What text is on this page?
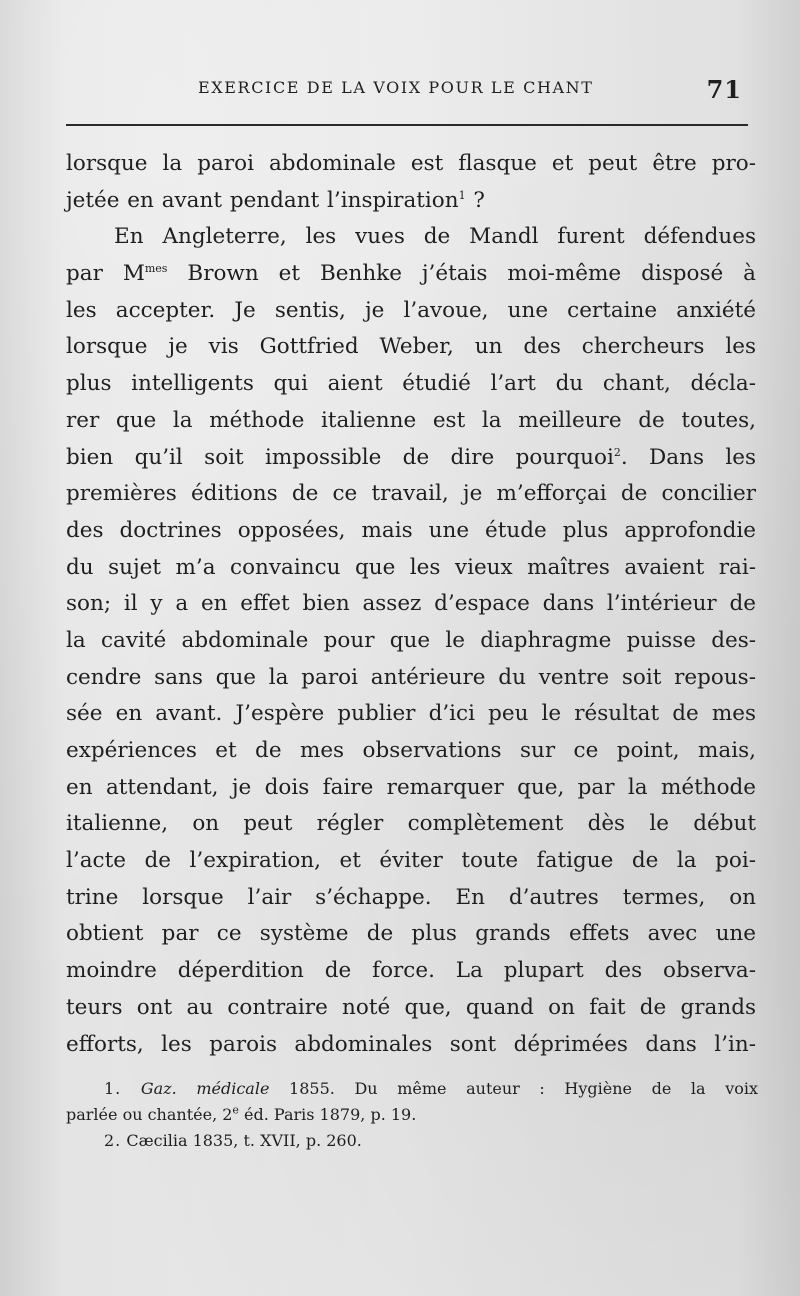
EXERCICE DE LA VOIX POUR LE CHANT	71
lorsque la paroi abdominale est flasque et peut être pro-
jetée en avant pendant l’inspiration$^1$ ?
En Angleterre, les vues de Mandl furent défendues
par $M^{mes}$ Brown et Benhke j’étais moi-même disposé à
les accepter. Je sentis, je l’avoue, une certaine anxiété
lorsque je vis Gottfried Weber, un des chercheurs les
plus intelligents qui aient étudié l’art du chant, décla-
rer que la méthode italienne est la meilleure de toutes,
bien qu’il soit impossible de dire pourquoi$^2$. Dans les
premières éditions de ce travail, je m’efforçai de concilier
des doctrines opposées, mais une étude plus approfondie
du sujet m’a convaincu que les vieux maîtres avaient rai-
son; il y a en effet bien assez d’espace dans l’intérieur de
la cavité abdominale pour que le diaphragme puisse des-
cendre sans que la paroi antérieure du ventre soit repous-
sée en avant. J’espère publier d’ici peu le résultat de mes
expériences et de mes observations sur ce point, mais,
en attendant, je dois faire remarquer que, par la méthode
italienne, on peut régler complètement dès le début
l’acte de l’expiration, et éviter toute fatigue de la poi-
trine lorsque l’air s’échappe. En d’autres termes, on
obtient par ce système de plus grands effets avec une
moindre déperdition de force. La plupart des observa-
teurs ont au contraire noté que, quand on fait de grands
efforts, les parois abdominales sont déprimées dans l’in-
1. Gaz. médicale 1855. Du même auteur : Hygiène de la voix
parlée ou chantée, 2e éd. Paris 1879, p. 19.
2. Cæcilia 1835, t. XVII, p. 260.
